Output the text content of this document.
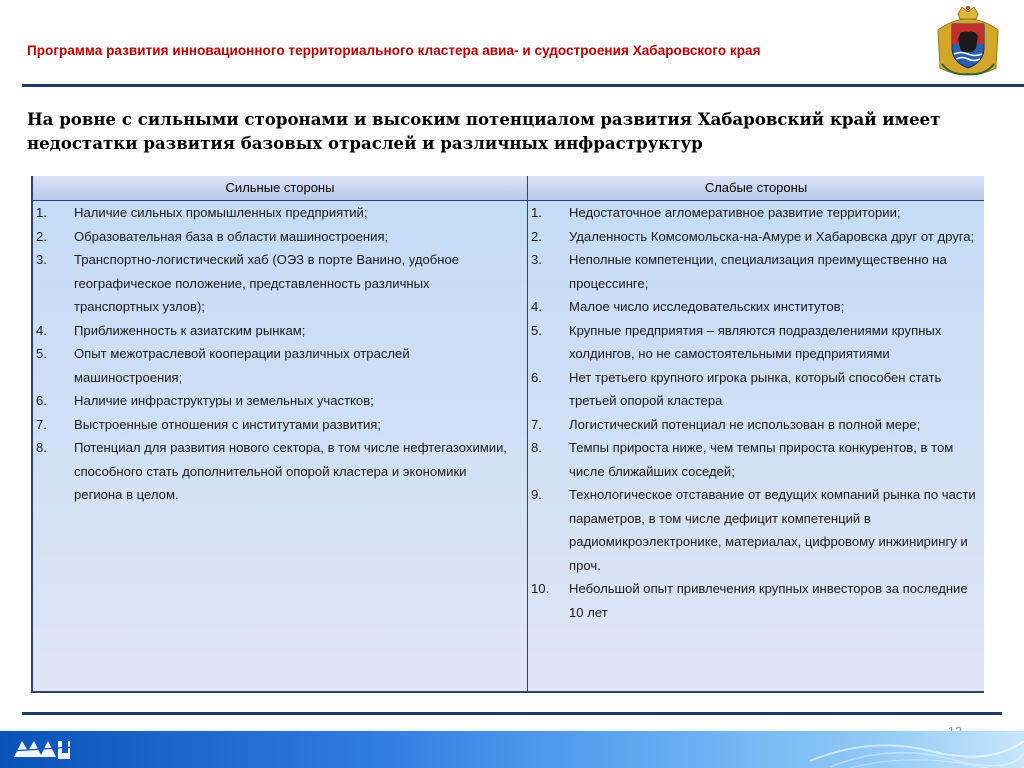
Программа развития инновационного территориального кластера авиа- и судостроения Хабаровского края
На ровне с сильными сторонами и высоким потенциалом развития Хабаровский край имеет недостатки развития базовых отраслей и различных инфраструктур
Сильные стороны	Слабые стороны
1. Наличие сильных промышленных предприятий;
2. Образовательная база в области машиностроения;
3. Транспортно-логистический хаб (ОЭЗ в порте Ванино, удобное географическое положение, представленность различных транспортных узлов);
4. Приближенность к азиатским рынкам;
5. Опыт межотраслевой кооперации различных отраслей машиностроения;
6. Наличие инфраструктуры и земельных участков;
7. Выстроенные отношения с институтами развития;
8. Потенциал для развития нового сектора, в том числе нефтегазохимии, способного стать дополнительной опорой кластера и экономики региона в целом.
1. Недостаточное агломеративное развитие территории;
2. Удаленность Комсомольска-на-Амуре и Хабаровска друг от друга;
3. Неполные компетенции, специализация преимущественно на процессинге;
4. Малое число исследовательских институтов;
5. Крупные предприятия – являются подразделениями крупных холдингов, но не самостоятельными предприятиями
6. Нет третьего крупного игрока рынка, который способен стать третьей опорой кластера
7. Логистический потенциал не использован в полной мере;
8. Темпы прироста ниже, чем темпы прироста конкурентов, в том числе ближайших соседей;
9. Технологическое отставание от ведущих компаний рынка по части параметров, в том числе дефицит компетенций в радиомикроэлектронике, материалах, цифровому инжинирингу и проч.
10. Небольшой опыт привлечения крупных инвесторов за последние 10 лет
